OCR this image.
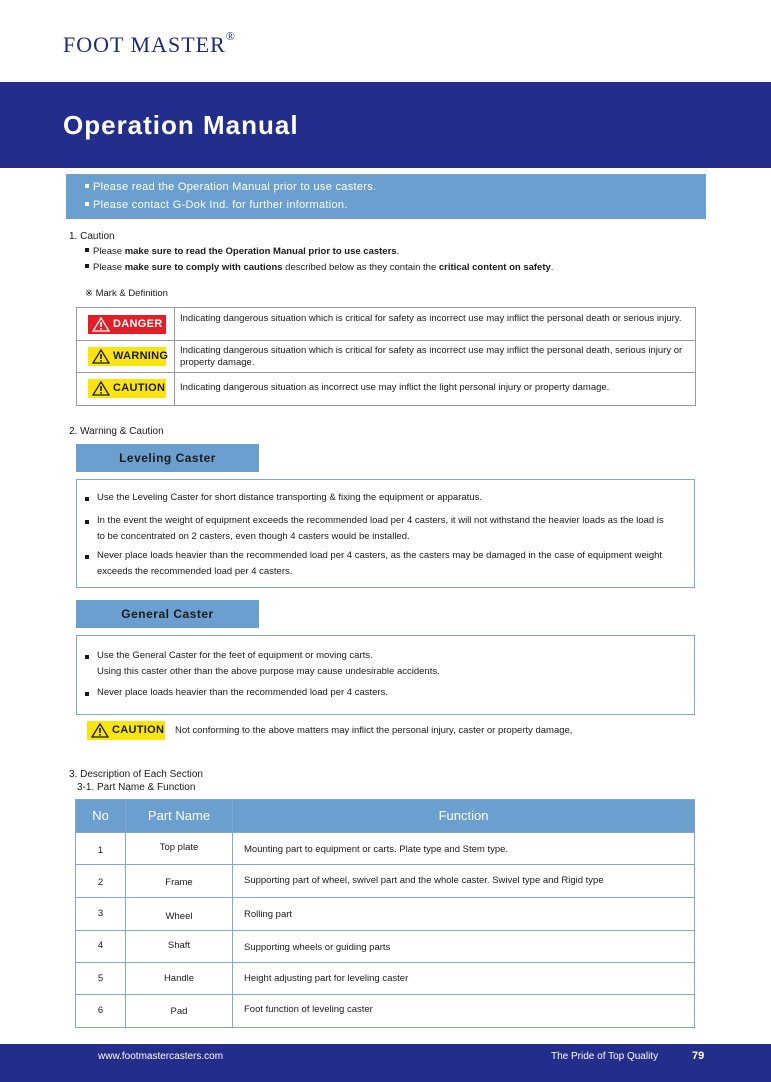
FOOT MASTER®
Operation Manual
Please read the Operation Manual prior to use casters.
Please contact G-Dok Ind. for further information.
1. Caution
Please make sure to read the Operation Manual prior to use casters.
Please make sure to comply with cautions described below as they contain the critical content on safety.
※ Mark & Definition
DANGER Indicating dangerous situation which is critical for safety as incorrect use may inflict the personal death or serious injury.
WARNING Indicating dangerous situation which is critical for safety as incorrect use may inflict the personal death, serious injury or property damage.
CAUTION Indicating dangerous situation as incorrect use may inflict the light personal injury or property damage.
2. Warning & Caution
Leveling Caster
Use the Leveling Caster for short distance transporting & fixing the equipment or apparatus.
In the event the weight of equipment exceeds the recommended load per 4 casters, it will not withstand the heavier loads as the load is to be concentrated on 2 casters, even though 4 casters would be installed.
Never place loads heavier than the recommended load per 4 casters, as the casters may be damaged in the case of equipment weight exceeds the recommended load per 4 casters.
General Caster
Use the General Caster for the feet of equipment or moving carts.
Using this caster other than the above purpose may cause undesirable accidents.
Never place loads heavier than the recommended load per 4 casters.
CAUTION Not conforming to the above matters may inflict the personal injury, caster or property damage,
3. Description of Each Section
3-1. Part Name & Function
No	Part Name	Function
1	Top plate	Mounting part to equipment or carts. Plate type and Stem type.
2	Frame	Supporting part of wheel, swivel part and the whole caster. Swivel type and Rigid type
3	Wheel	Rolling part
4	Shaft	Supporting wheels or guiding parts
5	Handle	Height adjusting part for leveling caster
6	Pad	Foot function of leveling caster
www.footmastercasters.com	The Pride of Top Quality	79
